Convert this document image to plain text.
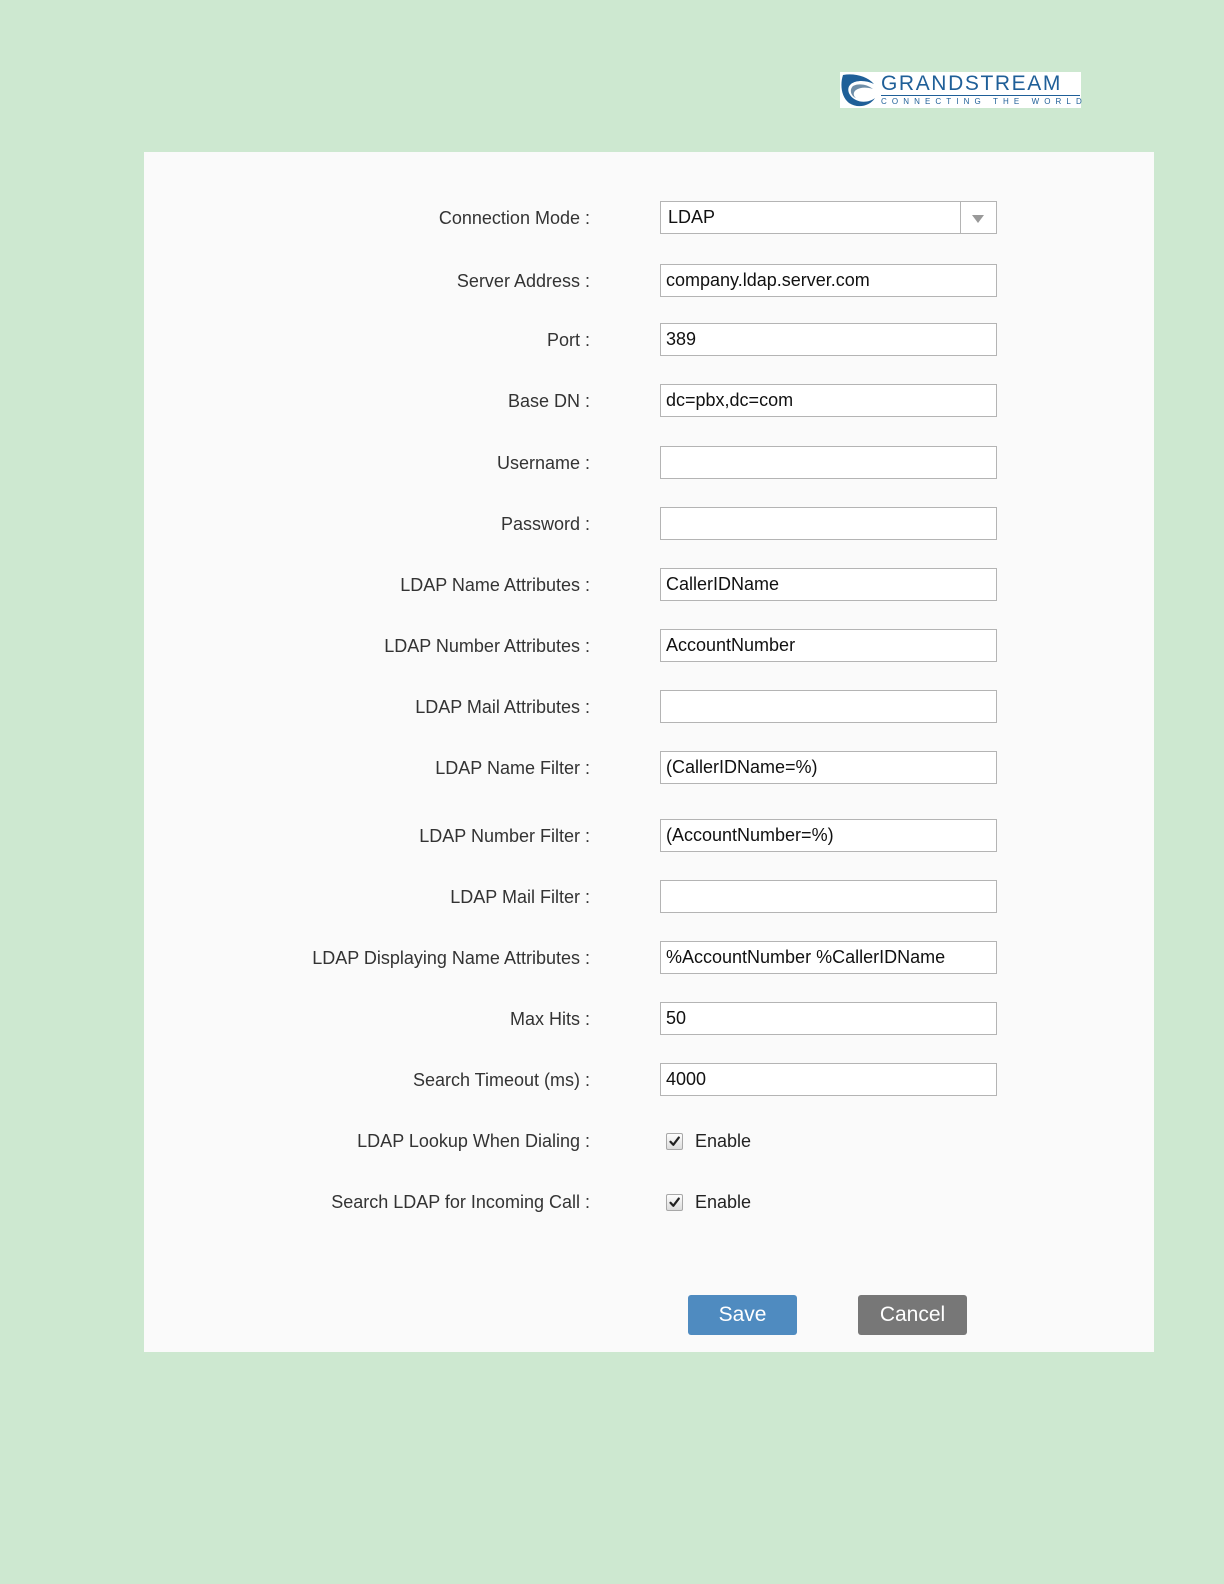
GRANDSTREAM
CONNECTING THE WORLD
Connection Mode :	LDAP
Server Address :	company.ldap.server.com
Port :	389
Base DN :	dc=pbx,dc=com
Username :
Password :
LDAP Name Attributes :	CallerIDName
LDAP Number Attributes :	AccountNumber
LDAP Mail Attributes :
LDAP Name Filter :	(CallerIDName=%)
LDAP Number Filter :	(AccountNumber=%)
LDAP Mail Filter :
LDAP Displaying Name Attributes :	%AccountNumber %CallerIDName
Max Hits :	50
Search Timeout (ms) :	4000
LDAP Lookup When Dialing :	Enable
Search LDAP for Incoming Call :	Enable
Save	Cancel
